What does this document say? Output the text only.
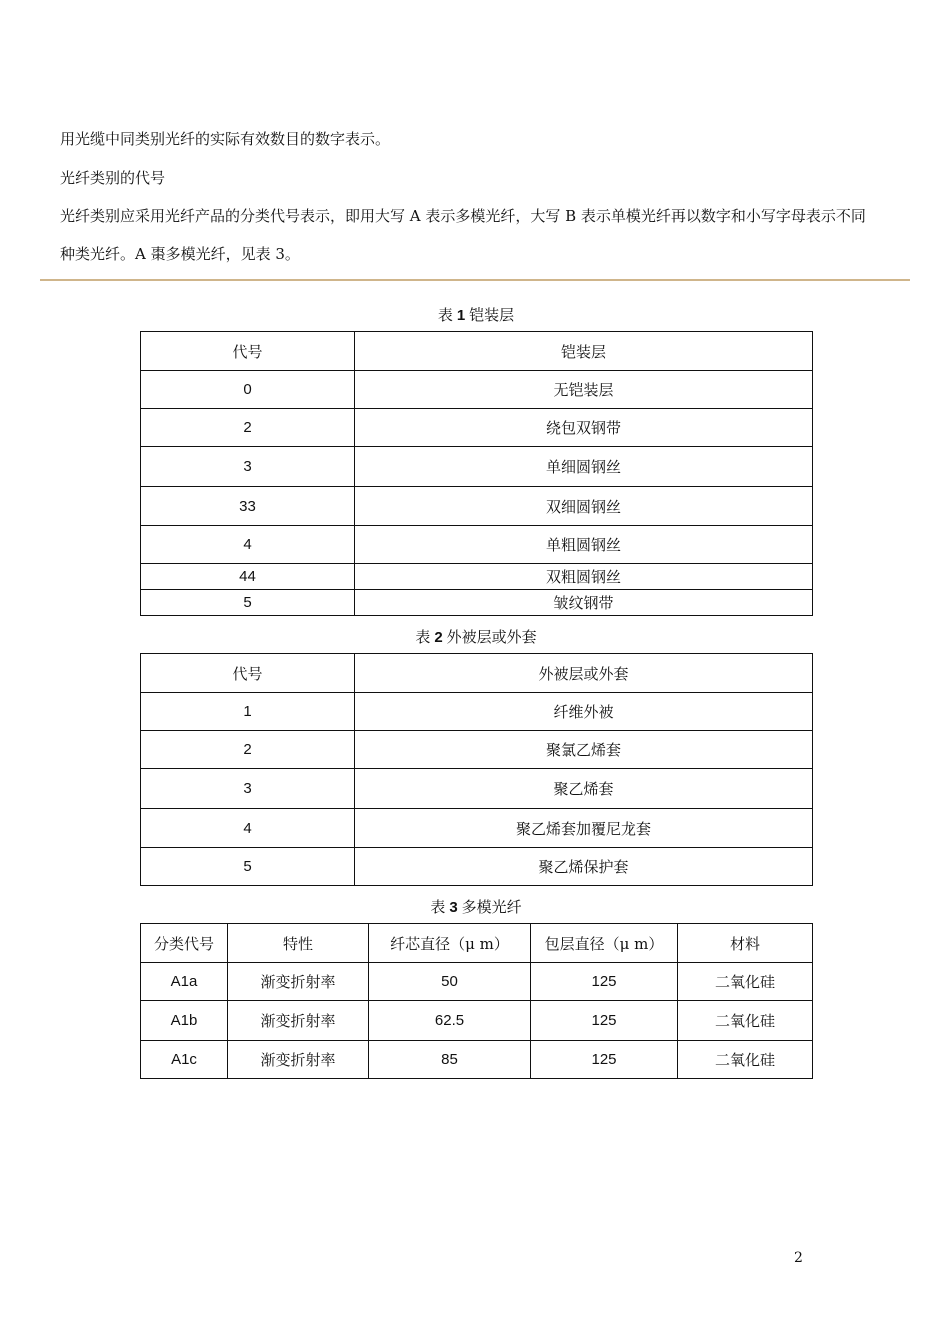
用光缆中同类别光纤的实际有效数目的数字表示。
光纤类别的代号
光纤类别应采用光纤产品的分类代号表示，即用大写 A 表示多模光纤，大写 B 表示单模光纤再以数字和小写字母表示不同
种类光纤。A 棗多模光纤，见表 3。
表 1 铠装层
代号	铠装层
0	无铠装层
2	绕包双钢带
3	单细圆钢丝
33	双细圆钢丝
4	单粗圆钢丝
44	双粗圆钢丝
5	皱纹钢带
表 2 外被层或外套
代号	外被层或外套
1	纤维外被
2	聚氯乙烯套
3	聚乙烯套
4	聚乙烯套加覆尼龙套
5	聚乙烯保护套
表 3 多模光纤
分类代号	特性	纤芯直径（μ m）	包层直径（μ m）	材料
A1a	渐变折射率	50	125	二氧化硅
A1b	渐变折射率	62.5	125	二氧化硅
A1c	渐变折射率	85	125	二氧化硅
2
